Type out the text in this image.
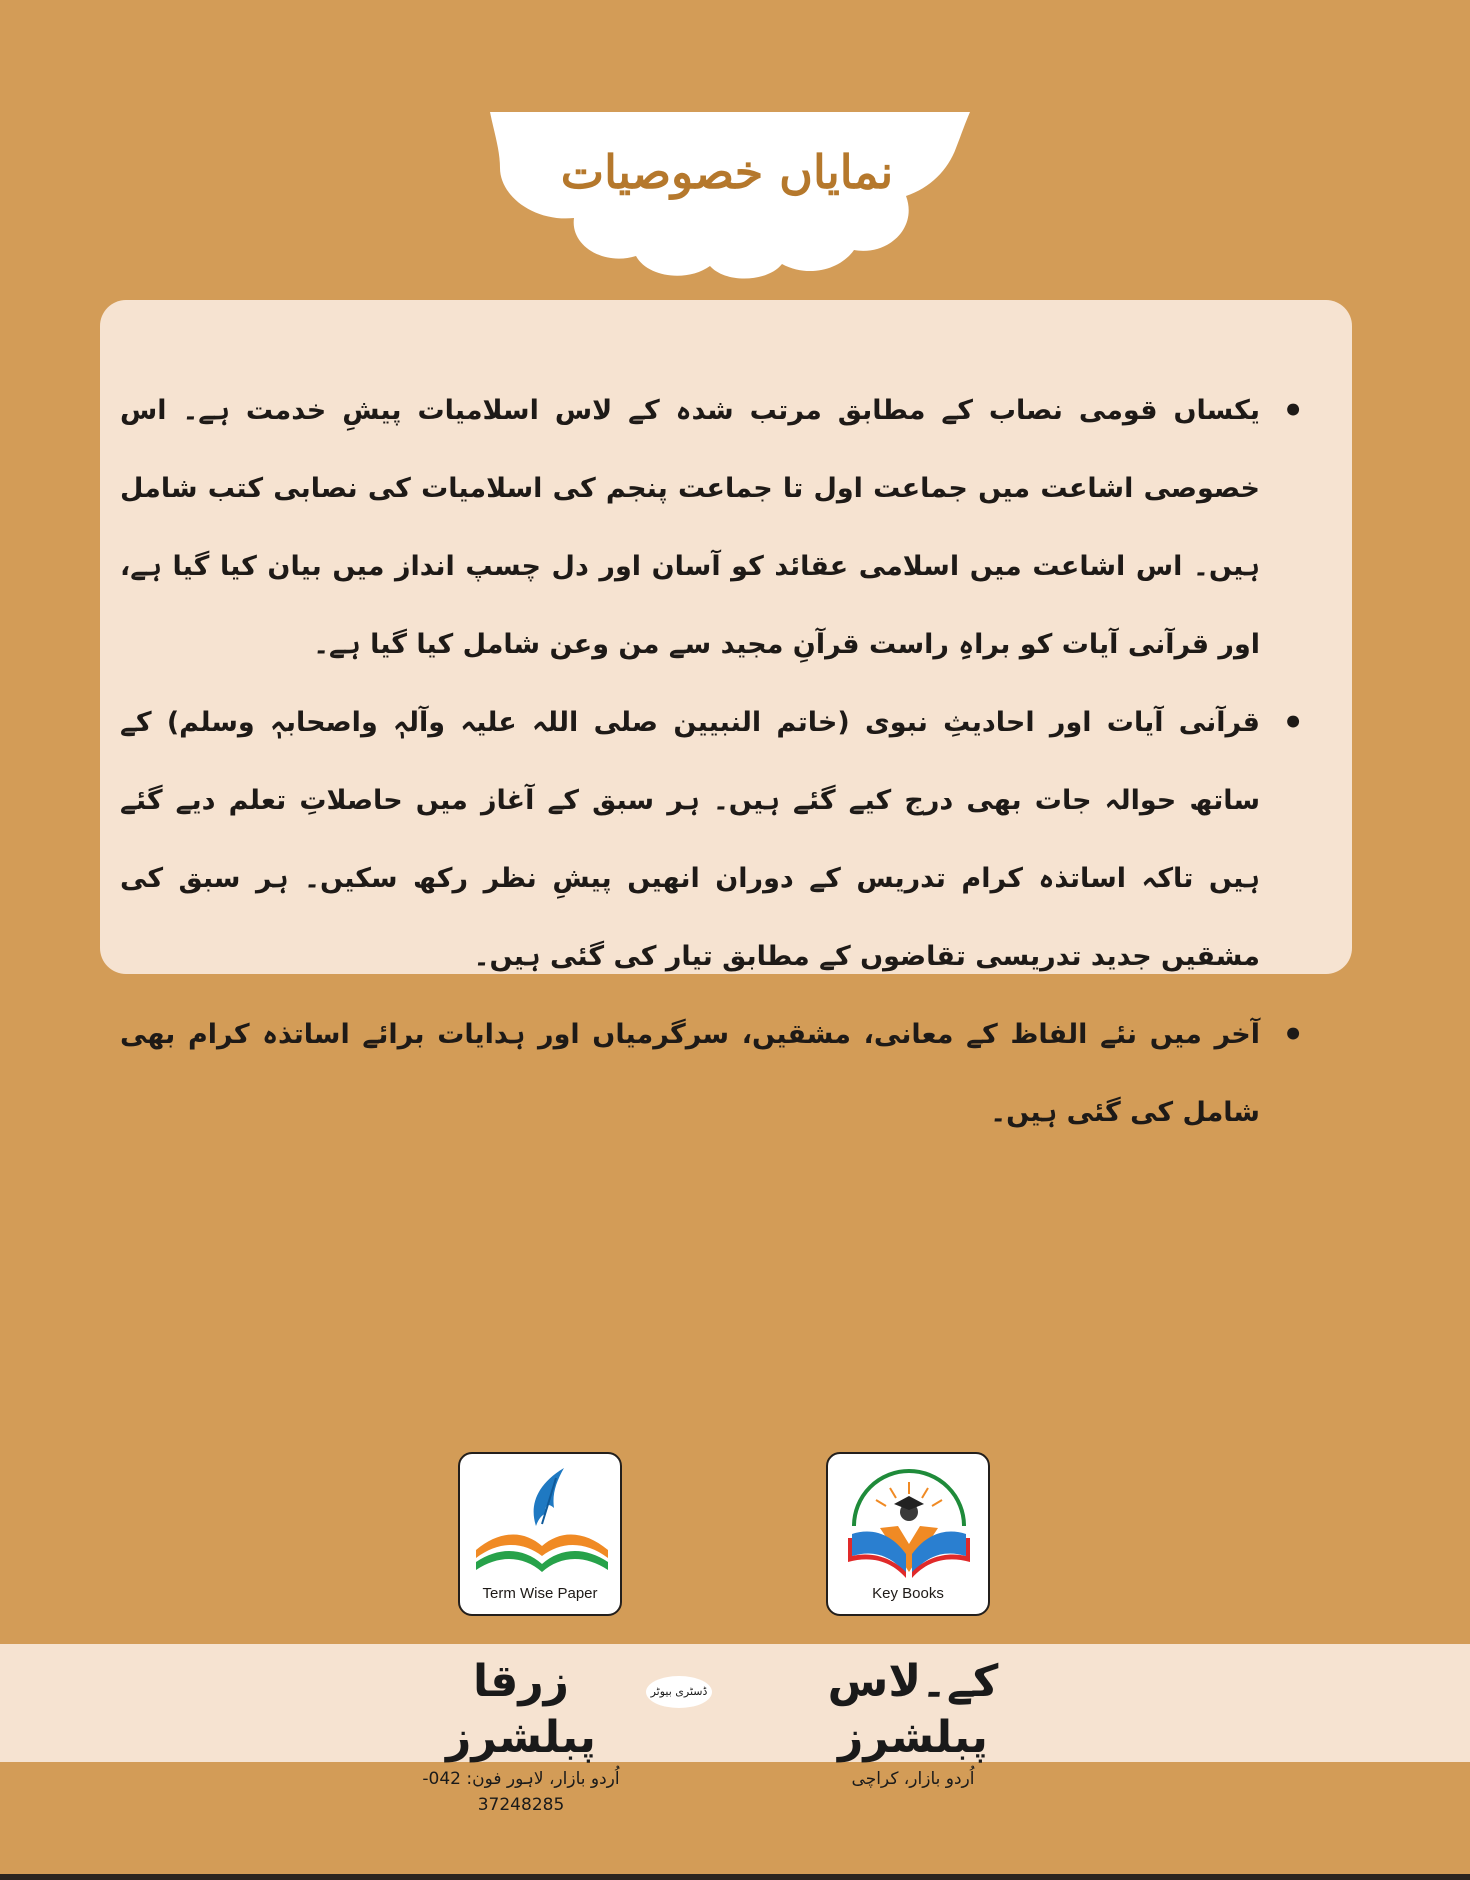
نمایاں خصوصیات
• یکساں قومی نصاب کے مطابق مرتب شدہ کے لاس اسلامیات پیشِ خدمت ہے۔ اس خصوصی اشاعت میں جماعت اول تا جماعت پنجم کی اسلامیات کی نصابی کتب شامل ہیں۔ اس اشاعت میں اسلامی عقائد کو آسان اور دل چسپ انداز میں بیان کیا گیا ہے، اور قرآنی آیات کو براہِ راست قرآنِ مجید سے من وعن شامل کیا گیا ہے۔
• قرآنی آیات اور احادیثِ نبوی (خاتم النبیین صلی اللہ علیہ وآلہٖ واصحابہٖ وسلم) کے ساتھ حوالہ جات بھی درج کیے گئے ہیں۔ ہر سبق کے آغاز میں حاصلاتِ تعلم دیے گئے ہیں تاکہ اساتذہ کرام تدریس کے دوران انھیں پیشِ نظر رکھ سکیں۔ ہر سبق کی مشقیں جدید تدریسی تقاضوں کے مطابق تیار کی گئی ہیں۔
• آخر میں نئے الفاظ کے معانی، مشقیں، سرگرمیاں اور ہدایات برائے اساتذہ کرام بھی شامل کی گئی ہیں۔
Term Wise Paper	Key Books
کے۔لاس پبلشرز
اُردو بازار، کراچی
ڈسٹری بیوٹر
زرقا پبلشرز
اُردو بازار، لاہور فون: 042-37248285
